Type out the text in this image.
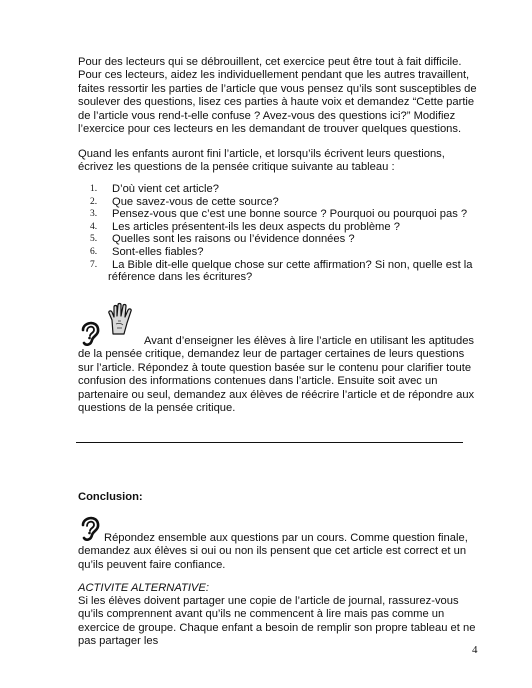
Pour des lecteurs qui se débrouillent, cet exercice peut être tout à fait difficile. Pour ces lecteurs, aidez les individuellement pendant que les autres travaillent, faites ressortir les parties de l’article que vous pensez qu’ils sont susceptibles de soulever des questions, lisez ces parties à haute voix et demandez “Cette partie de l’article vous rend-t-elle confuse ? Avez-vous des questions ici?” Modifiez l’exercice pour ces lecteurs en les demandant de trouver quelques questions.

Quand les enfants auront fini l’article, et lorsqu’ils écrivent leurs questions, écrivez les questions de la pensée critique suivante au tableau :

1. D’où vient cet article?
2. Que savez-vous de cette source?
3. Pensez-vous que c’est une bonne source ? Pourquoi ou pourquoi pas ?
4. Les articles présentent-ils les deux aspects du problème ?
5. Quelles sont les raisons ou l’évidence données ?
6. Sont-elles fiables?
7. La Bible dit-elle quelque chose sur cette affirmation? Si non, quelle est la référence dans les écritures?

Avant d’enseigner les élèves à lire l’article en utilisant les aptitudes de la pensée critique, demandez leur de partager certaines de leurs questions sur l’article. Répondez à toute question basée sur le contenu pour clarifier toute confusion des informations contenues dans l’article. Ensuite soit avec un partenaire ou seul, demandez aux élèves de réécrire l’article et de répondre aux questions de la pensée critique.

Conclusion:

Répondez ensemble aux questions par un cours. Comme question finale, demandez aux élèves si oui ou non ils pensent que cet article est correct et un qu’ils peuvent faire confiance.

ACTIVITE ALTERNATIVE:

Si les élèves doivent partager une copie de l’article de journal, rassurez-vous qu’ils comprennent avant qu’ils ne commencent à lire mais pas comme un exercice de groupe. Chaque enfant a besoin de remplir son propre tableau et ne pas partager les

4
